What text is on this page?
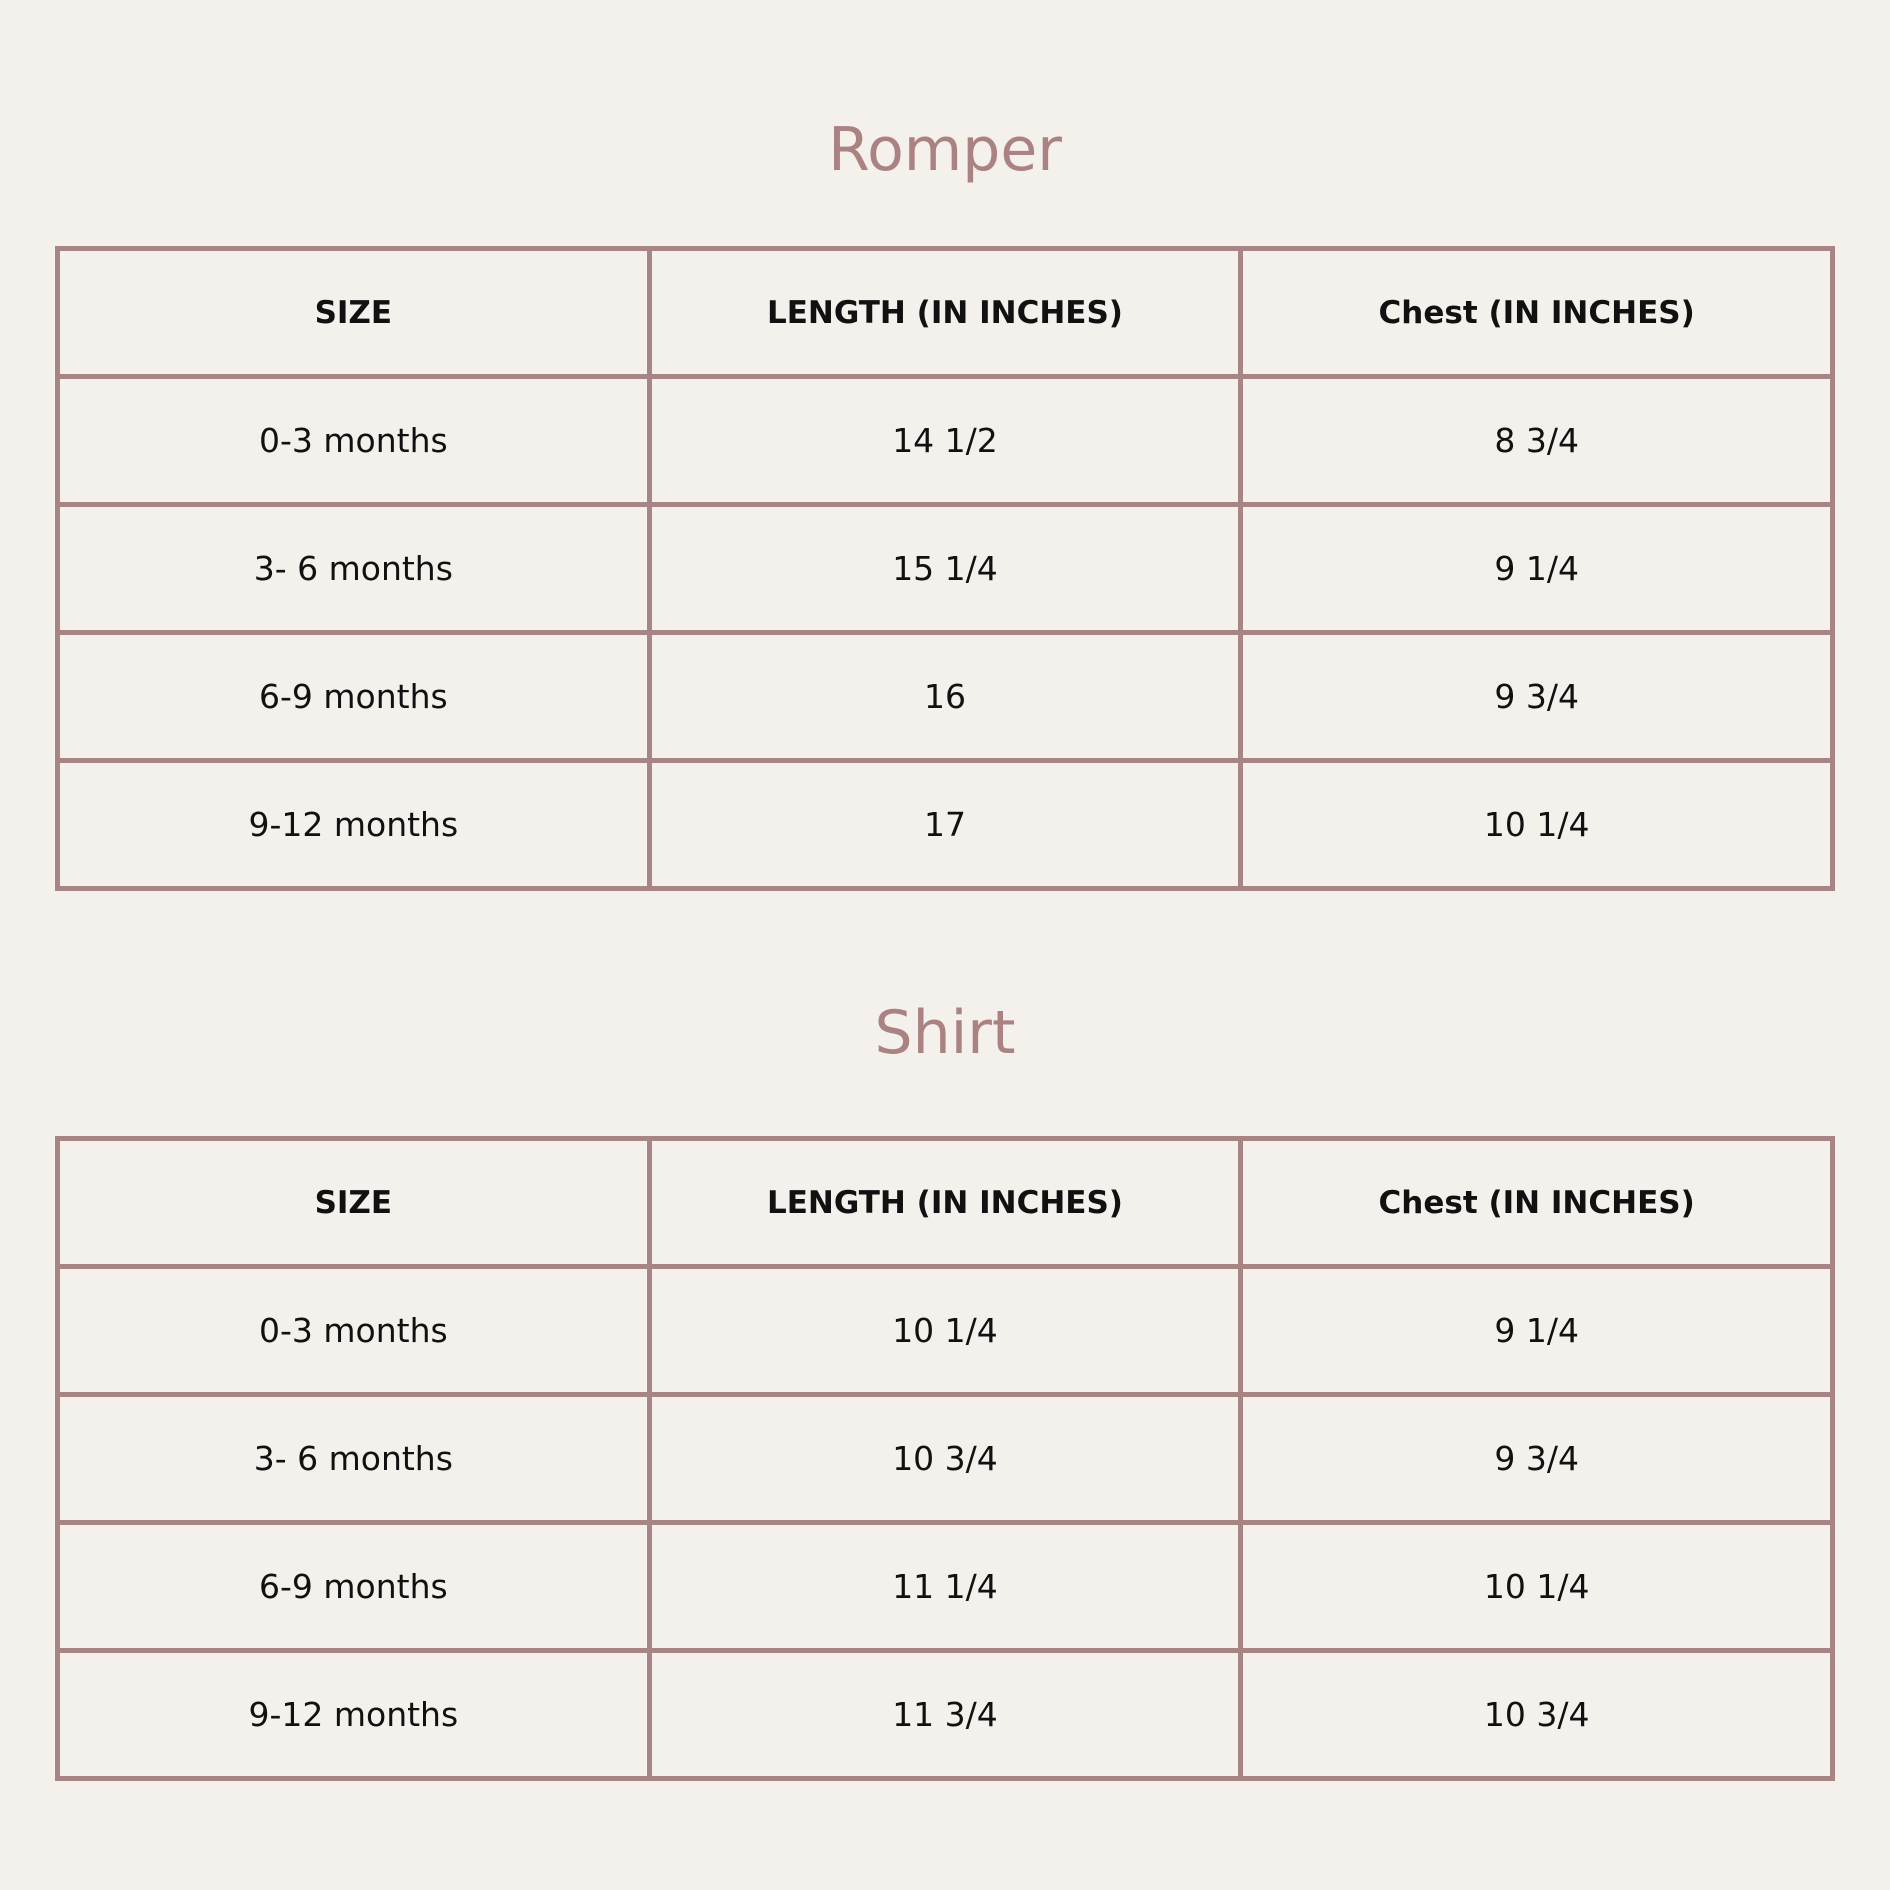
Romper
SIZE	LENGTH (IN INCHES)	Chest (IN INCHES)
0-3 months	14 1/2	8 3/4
3- 6 months	15 1/4	9 1/4
6-9 months	16	9 3/4
9-12 months	17	10 1/4
Shirt
SIZE	LENGTH (IN INCHES)	Chest (IN INCHES)
0-3 months	10 1/4	9 1/4
3- 6 months	10 3/4	9 3/4
6-9 months	11 1/4	10 1/4
9-12 months	11 3/4	10 3/4
